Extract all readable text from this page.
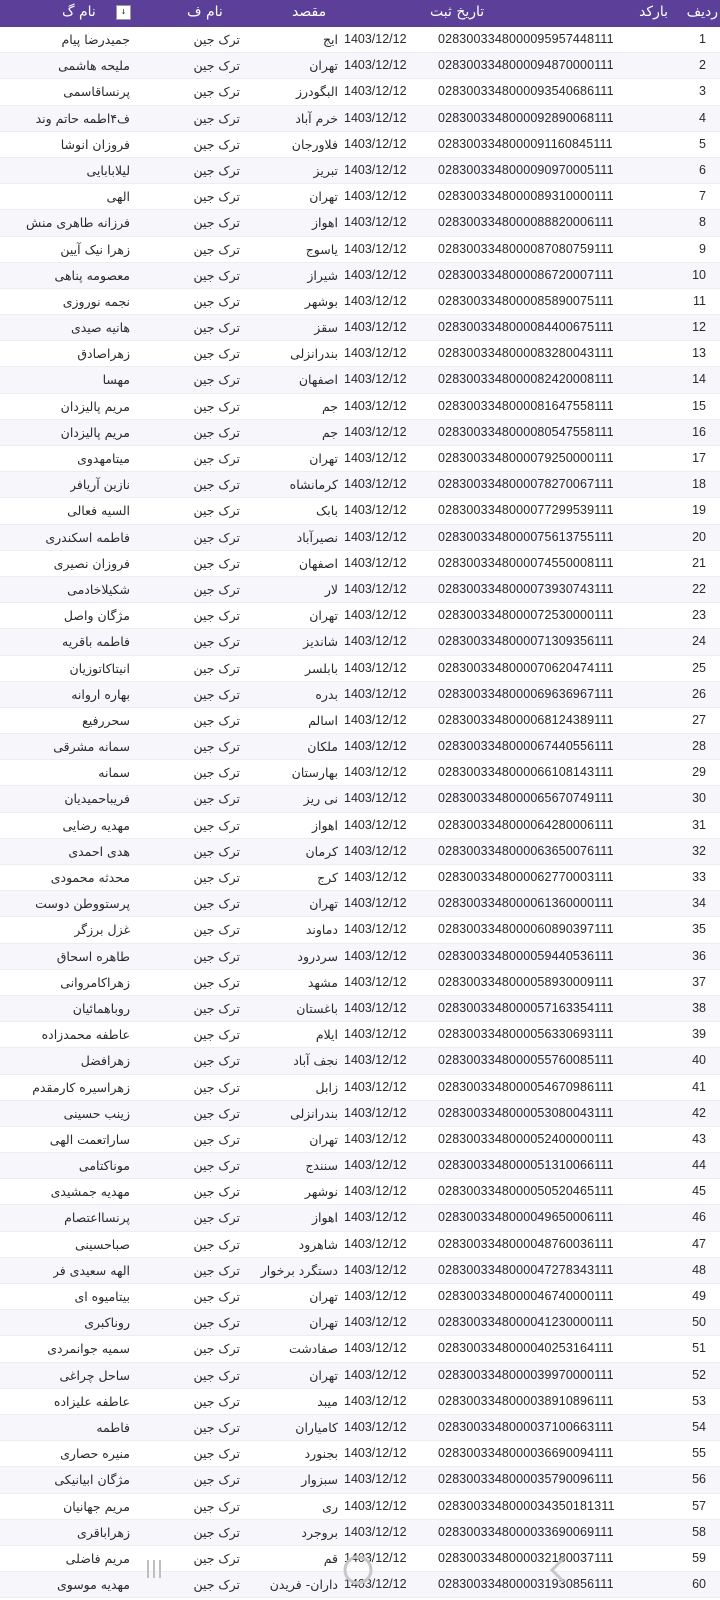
ردیف
بارکد
تاریخ ثبت
مقصد
نام ف
نام گ	↓
1
0283003348000095957448111
1403/12/12
ایج
ترک جین
جمیدرضا پیام
2
0283003348000094870000111
1403/12/12
تهران
ترک جین
ملیحه هاشمی
3
0283003348000093540686111
1403/12/12
البگودرز
ترک جین
پرنساقاسمی
4
0283003348000092890068111
1403/12/12
خرم آباد
ترک جین
ف۴اطمه حاتم وند
5
0283003348000091160845111
1403/12/12
فلاورجان
ترک جین
فروزان انوشا
6
0283003348000090970005111
1403/12/12
تبریز
ترک جین
لیلابابایی
7
0283003348000089310000111
1403/12/12
تهران
ترک جین
الهی
8
0283003348000088820006111
1403/12/12
اهواز
ترک جین
فرزانه طاهری منش
9
0283003348000087080759111
1403/12/12
یاسوج
ترک جین
زهرا نیک آیین
10
0283003348000086720007111
1403/12/12
شیراز
ترک جین
معصومه پناهی
11
0283003348000085890075111
1403/12/12
بوشهر
ترک جین
نجمه نوروزی
12
0283003348000084400675111
1403/12/12
سقز
ترک جین
هانیه صیدی
13
0283003348000083280043111
1403/12/12
بندرانزلی
ترک جین
زهراصادق
14
0283003348000082420008111
1403/12/12
اصفهان
ترک جین
مهسا
15
0283003348000081647558111
1403/12/12
جم
ترک جین
مریم پالیزدان
16
0283003348000080547558111
1403/12/12
جم
ترک جین
مریم پالیزدان
17
0283003348000079250000111
1403/12/12
تهران
ترک جین
میتامهدوی
18
0283003348000078270067111
1403/12/12
کرمانشاه
ترک جین
نازین آریافر
19
0283003348000077299539111
1403/12/12
بابک
ترک جین
السیه فعالی
20
0283003348000075613755111
1403/12/12
نصیرآباد
ترک جین
فاطمه اسکندری
21
0283003348000074550008111
1403/12/12
اصفهان
ترک جین
فروزان نصیری
22
0283003348000073930743111
1403/12/12
لار
ترک جین
شکیلاخادمی
23
0283003348000072530000111
1403/12/12
تهران
ترک جین
مژگان واصل
24
0283003348000071309356111
1403/12/12
شاندیز
ترک جین
فاطمه باقریه
25
0283003348000070620474111
1403/12/12
بابلسر
ترک جین
انیتاکاتوزیان
26
0283003348000069636967111
1403/12/12
بدره
ترک جین
بهاره اروانه
27
0283003348000068124389111
1403/12/12
اسالم
ترک جین
سحررفیع
28
0283003348000067440556111
1403/12/12
ملکان
ترک جین
سمانه مشرقی
29
0283003348000066108143111
1403/12/12
بهارستان
ترک جین
سمانه
30
0283003348000065670749111
1403/12/12
نی ریز
ترک جین
فریباحمیدیان
31
0283003348000064280006111
1403/12/12
اهواز
ترک جین
مهدیه رضایی
32
0283003348000063650076111
1403/12/12
کرمان
ترک جین
هدی احمدی
33
0283003348000062770003111
1403/12/12
کرج
ترک جین
محدثه محمودی
34
0283003348000061360000111
1403/12/12
تهران
ترک جین
پرستووطن دوست
35
0283003348000060890397111
1403/12/12
دماوند
ترک جین
غزل برزگر
36
0283003348000059440536111
1403/12/12
سردرود
ترک جین
طاهره اسحاق
37
0283003348000058930009111
1403/12/12
مشهد
ترک جین
زهراکامروانی
38
0283003348000057163354111
1403/12/12
باغستان
ترک جین
روباهمائیان
39
0283003348000056330693111
1403/12/12
ایلام
ترک جین
عاطفه محمدزاده
40
0283003348000055760085111
1403/12/12
نجف آباد
ترک جین
زهرافضل
41
0283003348000054670986111
1403/12/12
زابل
ترک جین
زهراسیره کارمقدم
42
0283003348000053080043111
1403/12/12
بندرانزلی
ترک جین
زینب حسینی
43
0283003348000052400000111
1403/12/12
تهران
ترک جین
ساراتعمت الهی
44
0283003348000051310066111
1403/12/12
سنندج
ترک جین
موناکتامی
45
0283003348000050520465111
1403/12/12
نوشهر
ترک جین
مهدیه جمشیدی
46
0283003348000049650006111
1403/12/12
اهواز
ترک جین
پرنسااعتصام
47
0283003348000048760036111
1403/12/12
شاهرود
ترک جین
صباحسینی
48
0283003348000047278343111
1403/12/12
دستگرد برخوار
ترک جین
الهه سعیدی فر
49
0283003348000046740000111
1403/12/12
تهران
ترک جین
بیتامیوه ای
50
0283003348000041230000111
1403/12/12
تهران
ترک جین
روناکبری
51
0283003348000040253164111
1403/12/12
صفادشت
ترک جین
سمیه جوانمردی
52
0283003348000039970000111
1403/12/12
تهران
ترک جین
ساحل چراغی
53
0283003348000038910896111
1403/12/12
میبد
ترک جین
عاطفه علیزاده
54
0283003348000037100663111
1403/12/12
کامیاران
ترک جین
فاطمه
55
0283003348000036690094111
1403/12/12
بجنورد
ترک جین
منیره حصاری
56
0283003348000035790096111
1403/12/12
سبزوار
ترک جین
مژگان ابیانیکی
57
0283003348000034350181311
1403/12/12
ری
ترک جین
مریم جهانیان
58
0283003348000033690069111
1403/12/12
بروجرد
ترک جین
زهراباقری
59
0283003348000032180037111
1403/12/12
قم
ترک جین
مریم فاضلی
60
0283003348000031930856111
1403/12/12
داران- فریدن
ترک جین
مهدیه موسوی
